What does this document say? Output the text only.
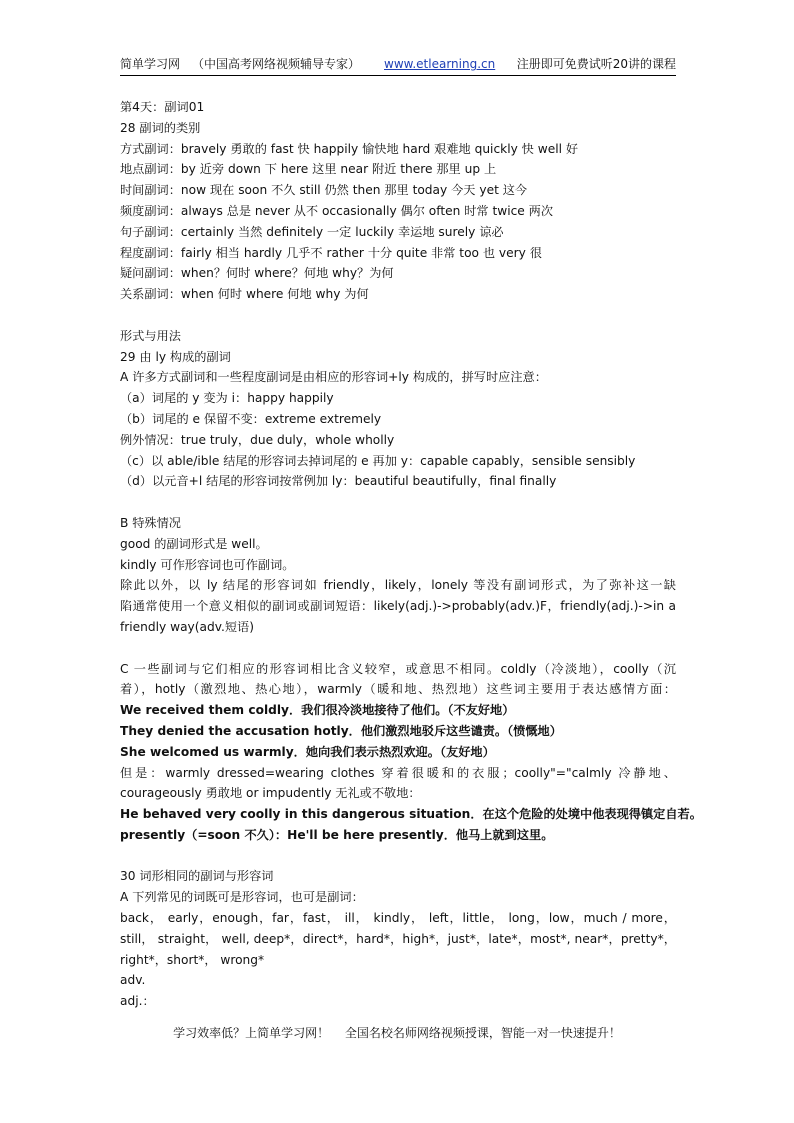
简单学习网 （中国高考网络视频辅导专家） www.etlearning.cn 注册即可免费试听20讲的课程
第4天：副词01
28 副词的类别
方式副词：bravely 勇敢的 fast 快 happily 愉快地 hard 艰难地 quickly 快 well 好
地点副词：by 近旁 down 下 here 这里 near 附近 there 那里 up 上
时间副词：now 现在 soon 不久 still 仍然 then 那里 today 今天 yet 这今
频度副词：always 总是 never 从不 occasionally 偶尔 often 时常 twice 两次
句子副词：certainly 当然 definitely 一定 luckily 幸运地 surely 谅必
程度副词：fairly 相当 hardly 几乎不 rather 十分 quite 非常 too 也 very 很
疑问副词：when？何时 where？何地 why？为何
关系副词：when 何时 where 何地 why 为何
形式与用法
29 由 ly 构成的副词
A 许多方式副词和一些程度副词是由相应的形容词+ly 构成的，拼写时应注意：
（a）词尾的 y 变为 i：happy happily
（b）词尾的 e 保留不变：extreme extremely
例外情况：true truly，due duly，whole wholly
（c）以 able/ible 结尾的形容词去掉词尾的 e 再加 y：capable capably，sensible sensibly
（d）以元音+l 结尾的形容词按常例加 ly：beautiful beautifully，final finally
B 特殊情况
good 的副词形式是 well。
kindly 可作形容词也可作副词。
除此以外，以 ly 结尾的形容词如 friendly，likely，lonely 等没有副词形式，为了弥补这一缺
陷通常使用一个意义相似的副词或副词短语：likely(adj.)->probably(adv.)F，friendly(adj.)->in a
friendly way(adv.短语)
C 一些副词与它们相应的形容词相比含义较窄，或意思不相同。coldly（冷淡地），coolly（沉
着），hotly（激烈地、热心地），warmly（暖和地、热烈地）这些词主要用于表达感情方面：
We received them coldly．我们很冷淡地接待了他们。（不友好地）
They denied the accusation hotly．他们激烈地驳斥这些谴责。（愤慨地）
She welcomed us warmly．她向我们表示热烈欢迎。（友好地）
但是：warmly dressed=wearing clothes 穿着很暖和的衣服；coolly"="calmly 冷静地、
courageously 勇敢地 or impudently 无礼或不敬地：
He behaved very coolly in this dangerous situation．在这个危险的处境中他表现得镇定自若。
presently（=soon 不久）：He'll be here presently．他马上就到这里。
30 词形相同的副词与形容词
A 下列常见的词既可是形容词，也可是副词：
back， early，enough，far，fast， ill， kindly， left，little， long，low，much / more，
still， straight， well, deep*，direct*，hard*，high*，just*，late*，most*, near*，pretty*，
right*，short*， wrong*
adv.
adj.：
学习效率低？上简单学习网！ 全国名校名师网络视频授课，智能一对一快速提升！
